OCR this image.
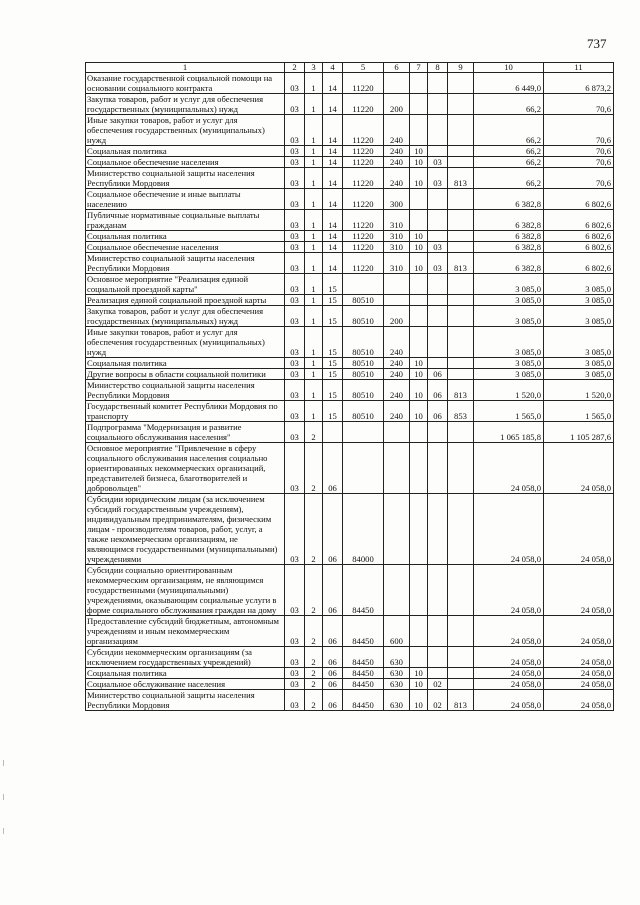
737
1	2	3	4	5	6	7	8	9	10	11
Оказание государственной социальной помощи на основании социального контракта	03	1	14	11220					6 449,0	6 873,2
Закупка товаров, работ и услуг для обеспечения государственных (муниципальных) нужд	03	1	14	11220	200				66,2	70,6
Иные закупки товаров, работ и услуг для обеспечения государственных (муниципальных) нужд	03	1	14	11220	240				66,2	70,6
Социальная политика	03	1	14	11220	240	10			66,2	70,6
Социальное обеспечение населения	03	1	14	11220	240	10	03		66,2	70,6
Министерство социальной защиты населения Республики Мордовия	03	1	14	11220	240	10	03	813	66,2	70,6
Социальное обеспечение и иные выплаты населению	03	1	14	11220	300				6 382,8	6 802,6
Публичные нормативные социальные выплаты гражданам	03	1	14	11220	310				6 382,8	6 802,6
Социальная политика	03	1	14	11220	310	10			6 382,8	6 802,6
Социальное обеспечение населения	03	1	14	11220	310	10	03		6 382,8	6 802,6
Министерство социальной защиты населения Республики Мордовия	03	1	14	11220	310	10	03	813	6 382,8	6 802,6
Основное мероприятие "Реализация единой социальной проездной карты"	03	1	15						3 085,0	3 085,0
Реализация единой социальной проездной карты	03	1	15	80510					3 085,0	3 085,0
Закупка товаров, работ и услуг для обеспечения государственных (муниципальных) нужд	03	1	15	80510	200				3 085,0	3 085,0
Иные закупки товаров, работ и услуг для обеспечения государственных (муниципальных) нужд	03	1	15	80510	240				3 085,0	3 085,0
Социальная политика	03	1	15	80510	240	10			3 085,0	3 085,0
Другие вопросы в области социальной политики	03	1	15	80510	240	10	06		3 085,0	3 085,0
Министерство социальной защиты населения Республики Мордовия	03	1	15	80510	240	10	06	813	1 520,0	1 520,0
Государственный комитет Республики Мордовия по транспорту	03	1	15	80510	240	10	06	853	1 565,0	1 565,0
Подпрограмма "Модернизация и развитие социального обслуживания населения"	03	2							1 065 185,8	1 105 287,6
Основное мероприятие "Привлечение в сферу социального обслуживания населения социально ориентированных некоммерческих организаций, представителей бизнеса, благотворителей и добровольцев"	03	2	06						24 058,0	24 058,0
Субсидии юридическим лицам (за исключением субсидий государственным учреждениям), индивидуальным предпринимателям, физическим лицам - производителям товаров, работ, услуг, а также некоммерческим организациям, не являющимся государственными (муниципальными) учреждениями	03	2	06	84000					24 058,0	24 058,0
Субсидии социально ориентированным некоммерческим организациям, не являющимся государственными (муниципальными) учреждениями, оказывающим социальные услуги в форме социального обслуживания граждан на дому	03	2	06	84450					24 058,0	24 058,0
Предоставление субсидий бюджетным, автономным учреждениям и иным некоммерческим организациям	03	2	06	84450	600				24 058,0	24 058,0
Субсидии некоммерческим организациям (за исключением государственных учреждений)	03	2	06	84450	630				24 058,0	24 058,0
Социальная политика	03	2	06	84450	630	10			24 058,0	24 058,0
Социальное обслуживание населения	03	2	06	84450	630	10	02		24 058,0	24 058,0
Министерство социальной защиты населения Республики Мордовия	03	2	06	84450	630	10	02	813	24 058,0	24 058,0
